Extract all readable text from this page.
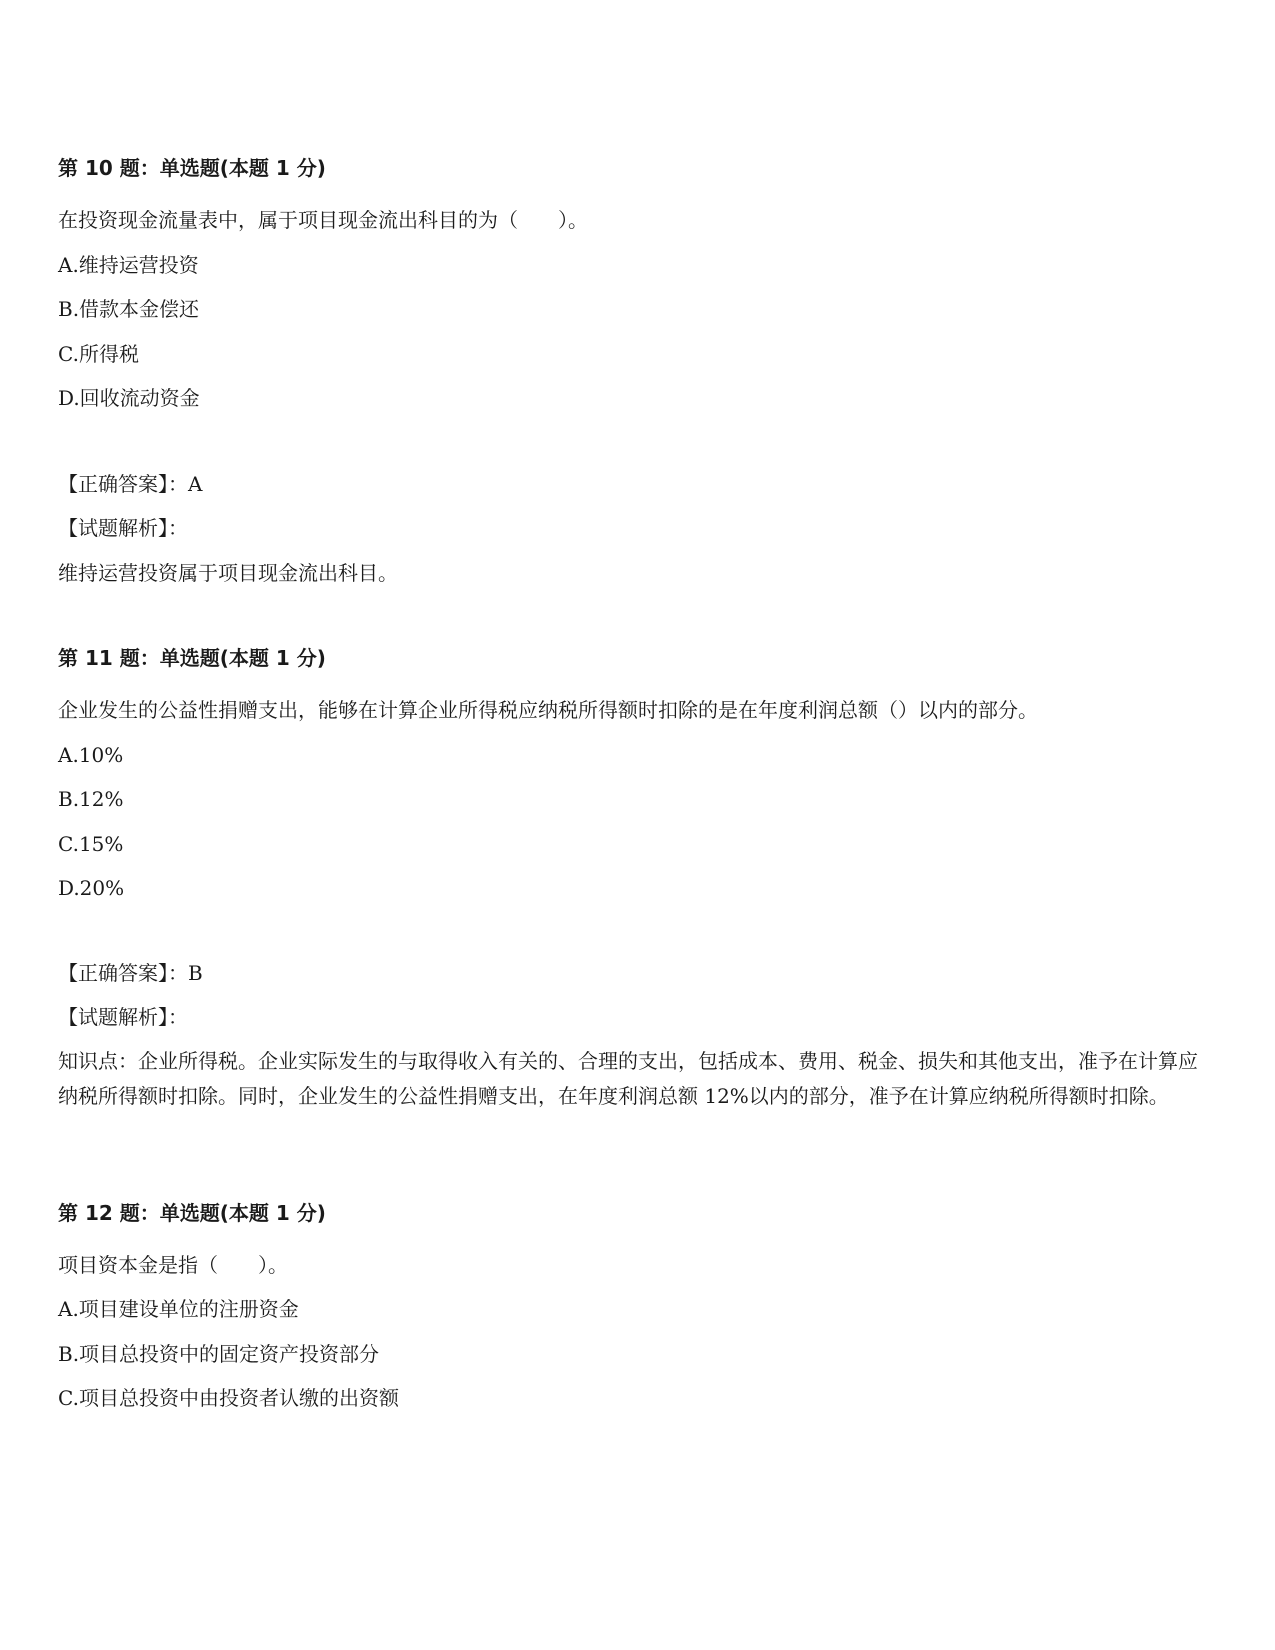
第 10 题：单选题(本题 1 分)
在投资现金流量表中，属于项目现金流出科目的为（　　）。
A.维持运营投资
B.借款本金偿还
C.所得税
D.回收流动资金
【正确答案】：A
【试题解析】：
维持运营投资属于项目现金流出科目。
第 11 题：单选题(本题 1 分)
企业发生的公益性捐赠支出，能够在计算企业所得税应纳税所得额时扣除的是在年度利润总额（）以内的部分。
A.10%
B.12%
C.15%
D.20%
【正确答案】：B
【试题解析】：
知识点：企业所得税。企业实际发生的与取得收入有关的、合理的支出，包括成本、费用、税金、损失和其他支出，准予在计算应纳税所得额时扣除。同时，企业发生的公益性捐赠支出，在年度利润总额 12%以内的部分，准予在计算应纳税所得额时扣除。
第 12 题：单选题(本题 1 分)
项目资本金是指（　　）。
A.项目建设单位的注册资金
B.项目总投资中的固定资产投资部分
C.项目总投资中由投资者认缴的出资额
